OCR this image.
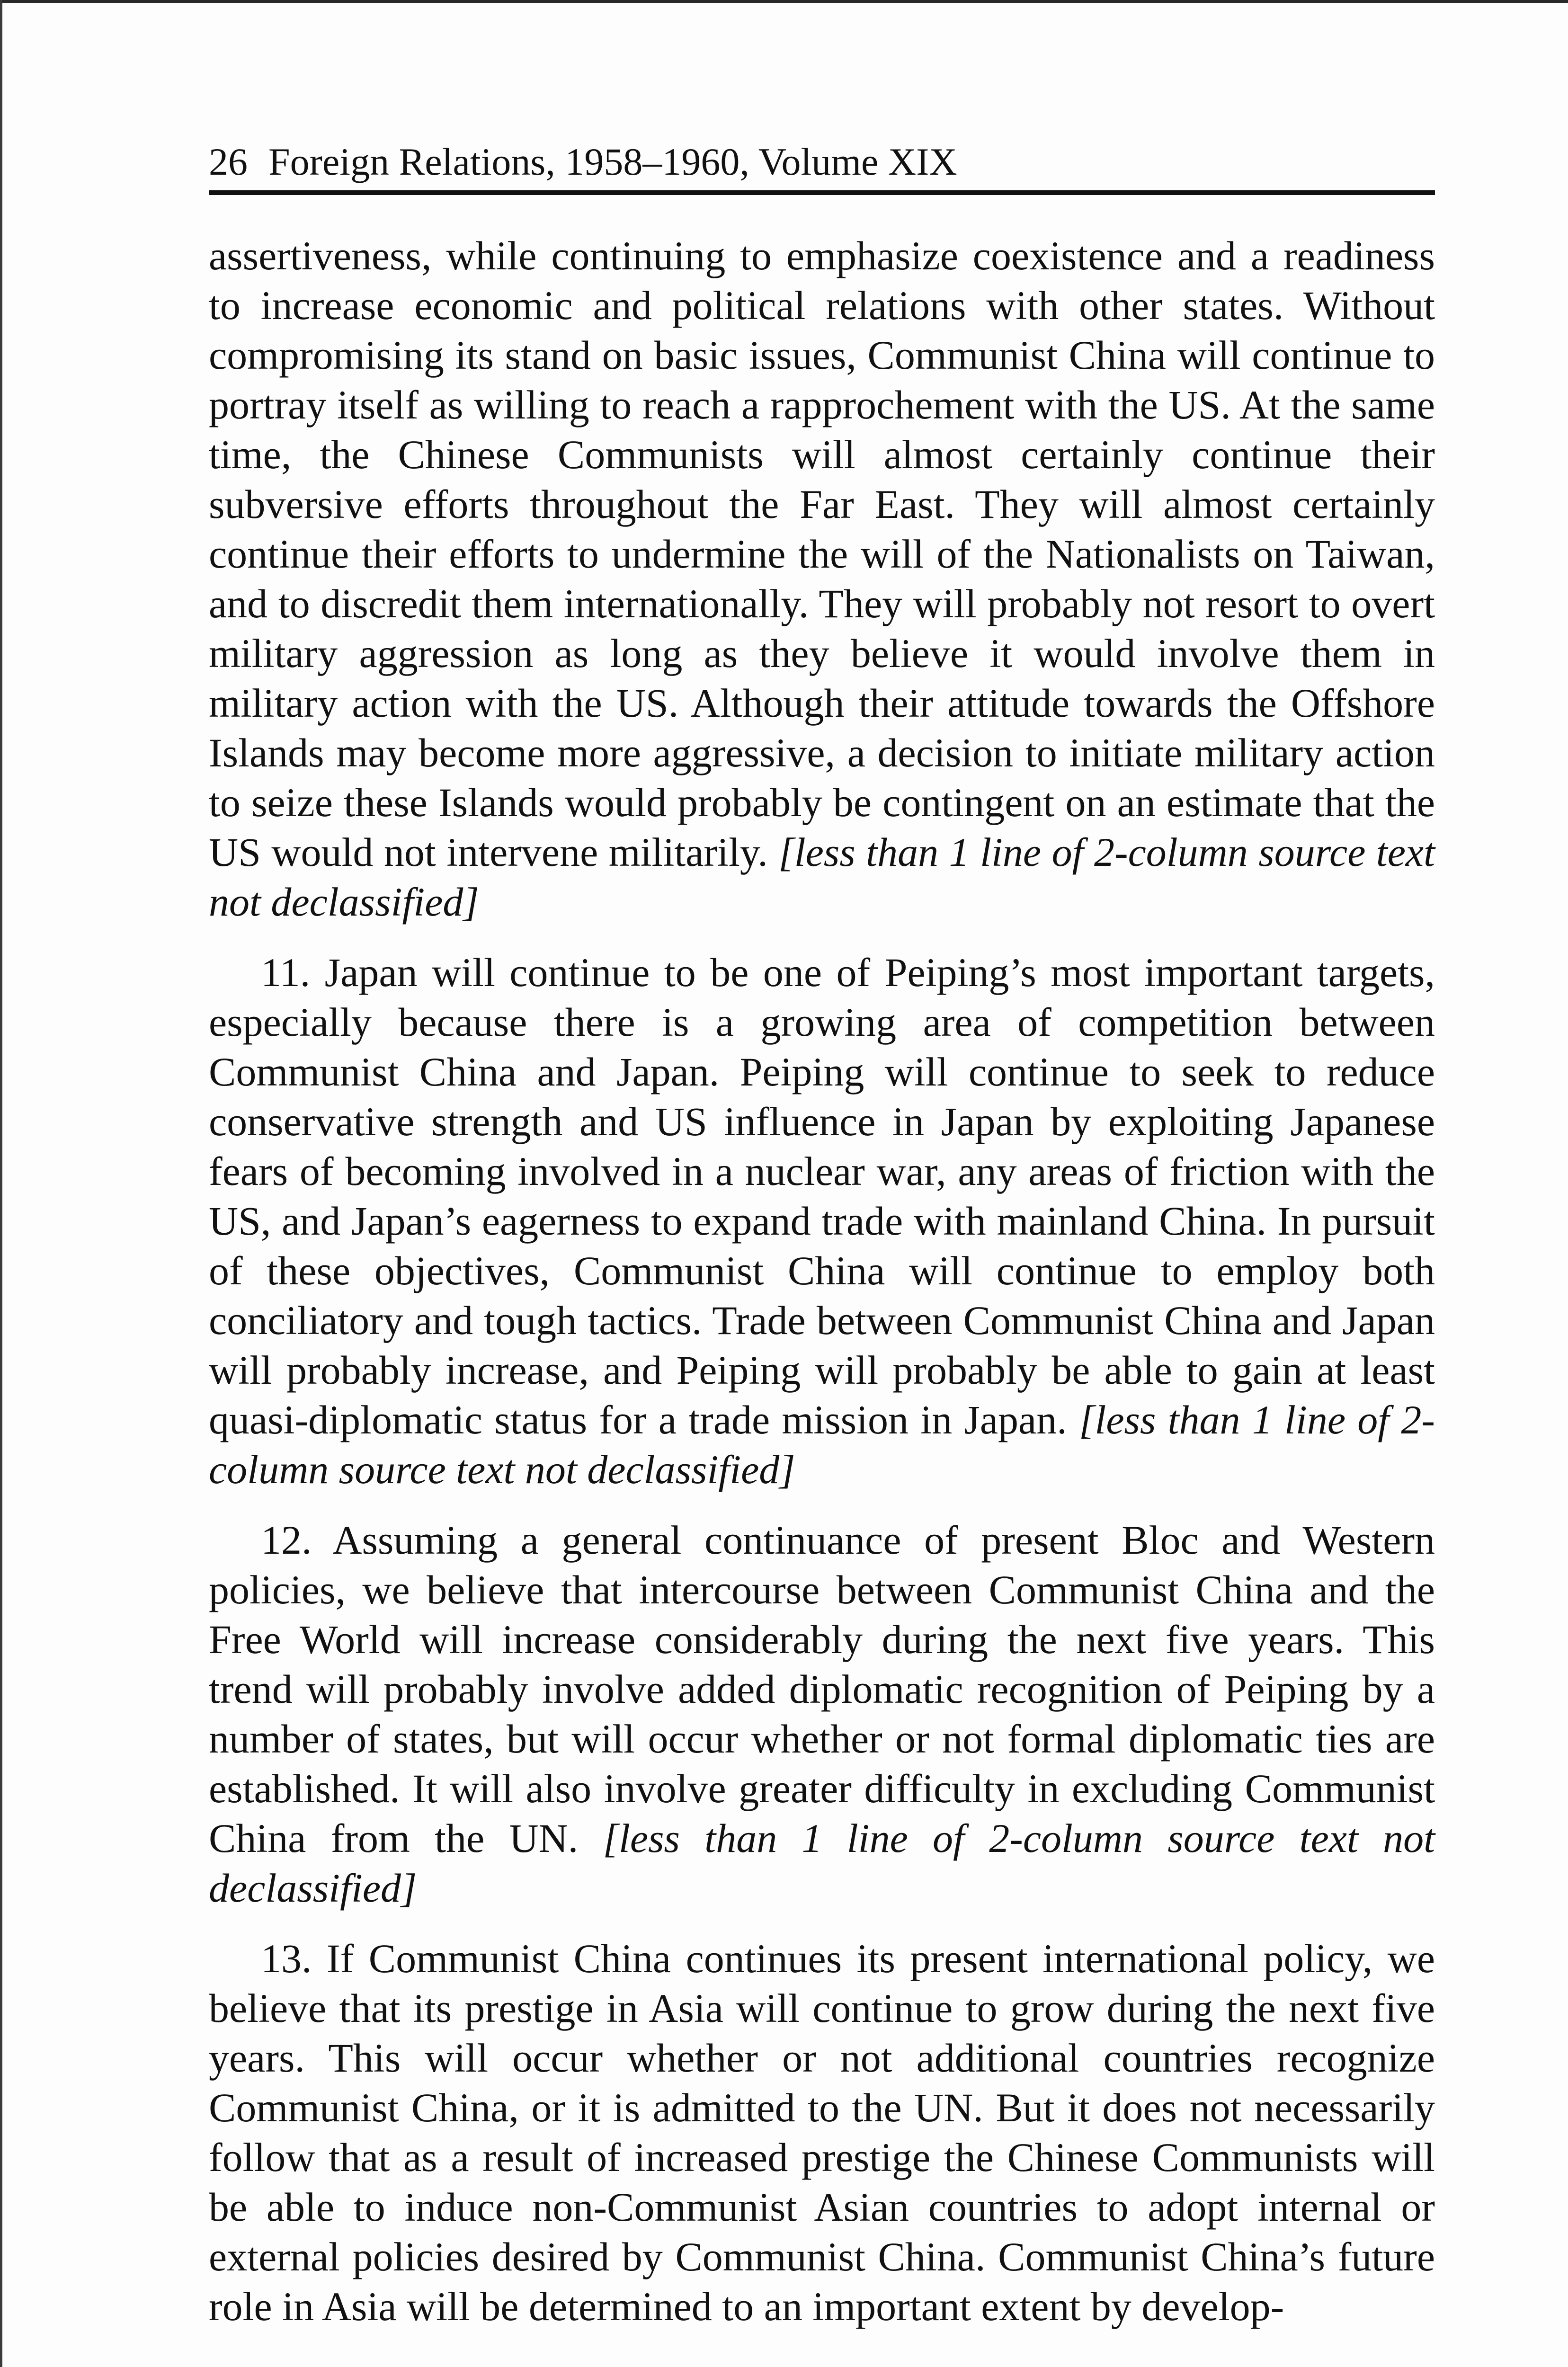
26 Foreign Relations, 1958–1960, Volume XIX

assertiveness, while continuing to emphasize coexistence and a readiness to increase economic and political relations with other states. Without compromising its stand on basic issues, Communist China will continue to portray itself as willing to reach a rapprochement with the US. At the same time, the Chinese Communists will almost certainly continue their subversive efforts throughout the Far East. They will almost certainly continue their efforts to undermine the will of the Nationalists on Taiwan, and to discredit them internationally. They will probably not resort to overt military aggression as long as they believe it would involve them in military action with the US. Although their attitude towards the Offshore Islands may become more aggressive, a decision to initiate military action to seize these Islands would probably be contingent on an estimate that the US would not intervene militarily. [less than 1 line of 2-column source text not declassified]

11. Japan will continue to be one of Peiping’s most important targets, especially because there is a growing area of competition between Communist China and Japan. Peiping will continue to seek to reduce conservative strength and US influence in Japan by exploiting Japanese fears of becoming involved in a nuclear war, any areas of friction with the US, and Japan’s eagerness to expand trade with mainland China. In pursuit of these objectives, Communist China will continue to employ both conciliatory and tough tactics. Trade between Communist China and Japan will probably increase, and Peiping will probably be able to gain at least quasi-diplomatic status for a trade mission in Japan. [less than 1 line of 2-column source text not declassified]

12. Assuming a general continuance of present Bloc and Western policies, we believe that intercourse between Communist China and the Free World will increase considerably during the next five years. This trend will probably involve added diplomatic recognition of Peiping by a number of states, but will occur whether or not formal diplomatic ties are established. It will also involve greater difficulty in excluding Communist China from the UN. [less than 1 line of 2-column source text not declassified]

13. If Communist China continues its present international policy, we believe that its prestige in Asia will continue to grow during the next five years. This will occur whether or not additional countries recognize Communist China, or it is admitted to the UN. But it does not necessarily follow that as a result of increased prestige the Chinese Communists will be able to induce non-Communist Asian countries to adopt internal or external policies desired by Communist China. Communist China’s future role in Asia will be determined to an important extent by develop-
